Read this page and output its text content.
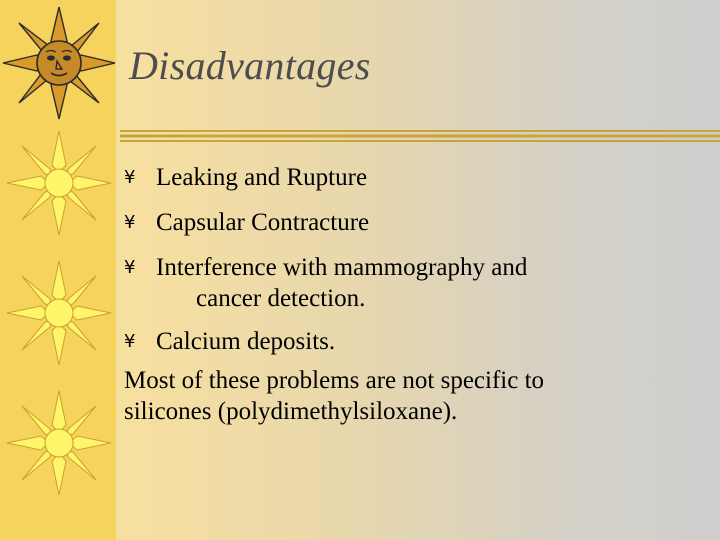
Disadvantages
¥ Leaking and Rupture
¥ Capsular Contracture
¥ Interference with mammography and
cancer detection.
¥ Calcium deposits.
Most of these problems are not specific to
silicones (polydimethylsiloxane).
